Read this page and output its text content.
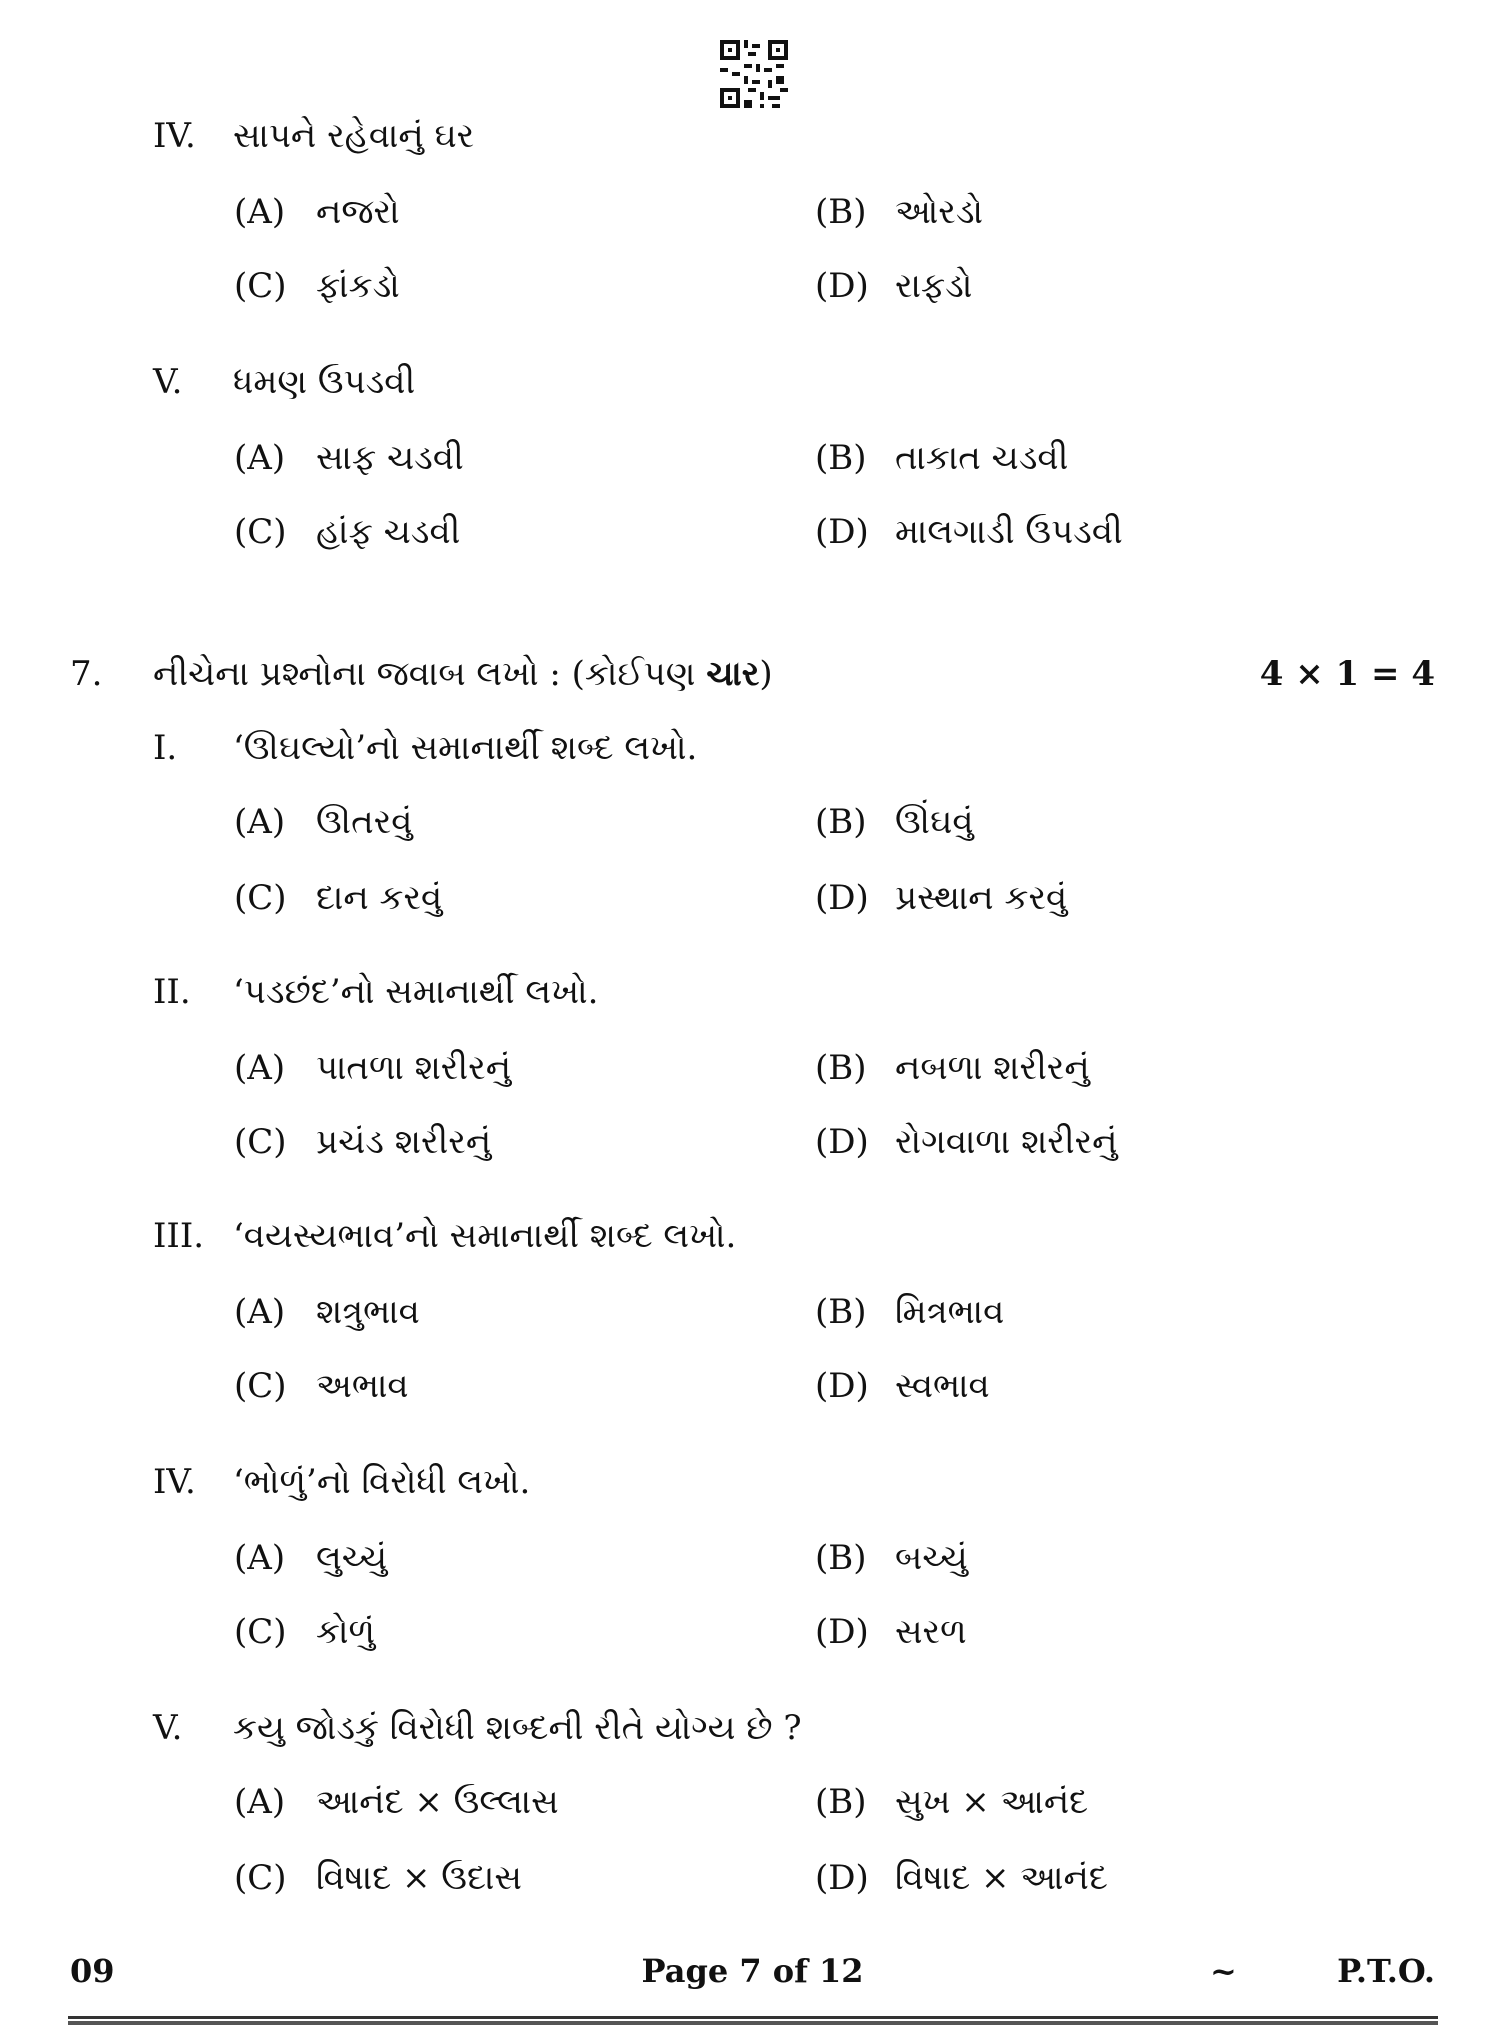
IV.	સાપને રહેવાનું ઘર
(A) નજરો	(B) ઓરડો
(C) ફાંકડો	(D) રાફડો
V.	ધમણ ઉપડવી
(A) સાફ ચડવી	(B) તાકાત ચડવી
(C) હાંફ ચડવી	(D) માલગાડી ઉપડવી
7. નીચેના પ્રશ્નોના જવાબ લખો : (કોઈપણ ચાર)	4 × 1 = 4
I.	‘ઊઘલ્યો’નો સમાનાર્થી શબ્દ લખો.
(A) ઊતરવું	(B) ઊંઘવું
(C) દાન કરવું	(D) પ્રસ્થાન કરવું
II.	‘પડછંદ’નો સમાનાર્થી લખો.
(A) પાતળા શરીરનું	(B) નબળા શરીરનું
(C) પ્રચંડ શરીરનું	(D) રોગવાળા શરીરનું
III. ‘વયસ્યભાવ’નો સમાનાર્થી શબ્દ લખો.
(A) શત્રુભાવ	(B) મિત્રભાવ
(C) અભાવ	(D) સ્વભાવ
IV.	‘ભોળું’નો વિરોધી લખો.
(A) લુચ્ચું	(B) બચ્ચું
(C) કોળું	(D) સરળ
V.	કયુ જોડકું વિરોધી શબ્દની રીતે યોગ્ય છે ?
(A) આનંદ × ઉલ્લાસ	(B) સુખ × આનંદ
(C) વિષાદ × ઉદાસ	(D) વિષાદ × આનંદ
09	Page 7 of 12	~	P.T.O.
